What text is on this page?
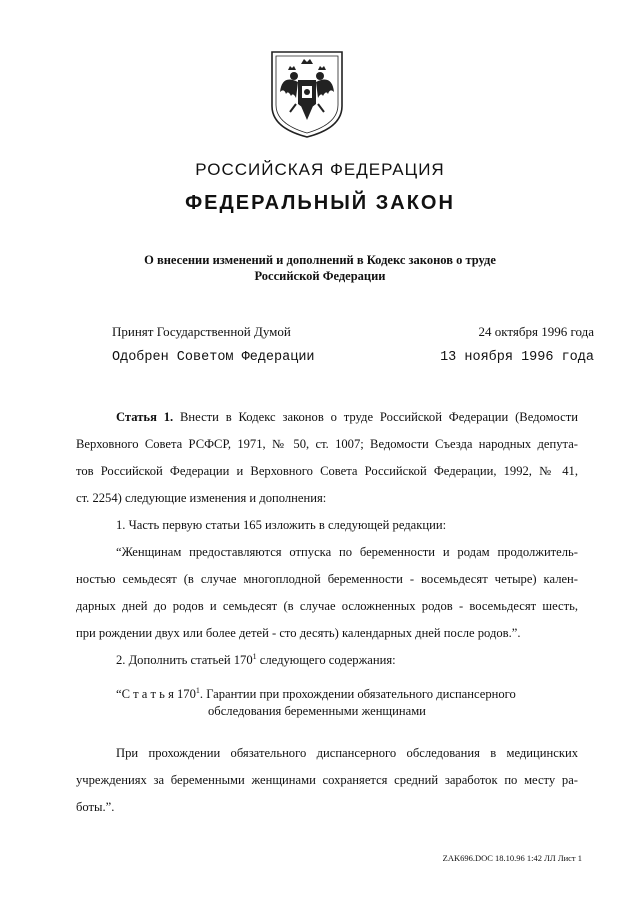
РОССИЙСКАЯ ФЕДЕРАЦИЯ
ФЕДЕРАЛЬНЫЙ ЗАКОН
О внесении изменений и дополнений в Кодекс законов о труде
Российской Федерации
Принят Государственной Думой	24 октября 1996 года
Одобрен Советом Федерации	13 ноября 1996 года
Статья 1. Внести в Кодекс законов о труде Российской Федерации (Ведомости
Верховного Совета РСФСР, 1971, № 50, ст. 1007; Ведомости Съезда народных депута-
тов Российской Федерации и Верховного Совета Российской Федерации, 1992, № 41,
ст. 2254) следующие изменения и дополнения:
1. Часть первую статьи 165 изложить в следующей редакции:
“Женщинам предоставляются отпуска по беременности и родам продолжитель-
ностью семьдесят (в случае многоплодной беременности - восемьдесят четыре) кален-
дарных дней до родов и семьдесят (в случае осложненных родов - восемьдесят шесть,
при рождении двух или более детей - сто десять) календарных дней после родов.”.
2. Дополнить статьей $170^1$ следующего содержания:
“С т а т ь я $170^1$. Гарантии при прохождении обязательного диспансерного
обследования беременными женщинами
При прохождении обязательного диспансерного обследования в медицинских
учреждениях за беременными женщинами сохраняется средний заработок по месту ра-
боты.”.
ZAK696.DOC 18.10.96 1:42 ЛЛ Лист 1
